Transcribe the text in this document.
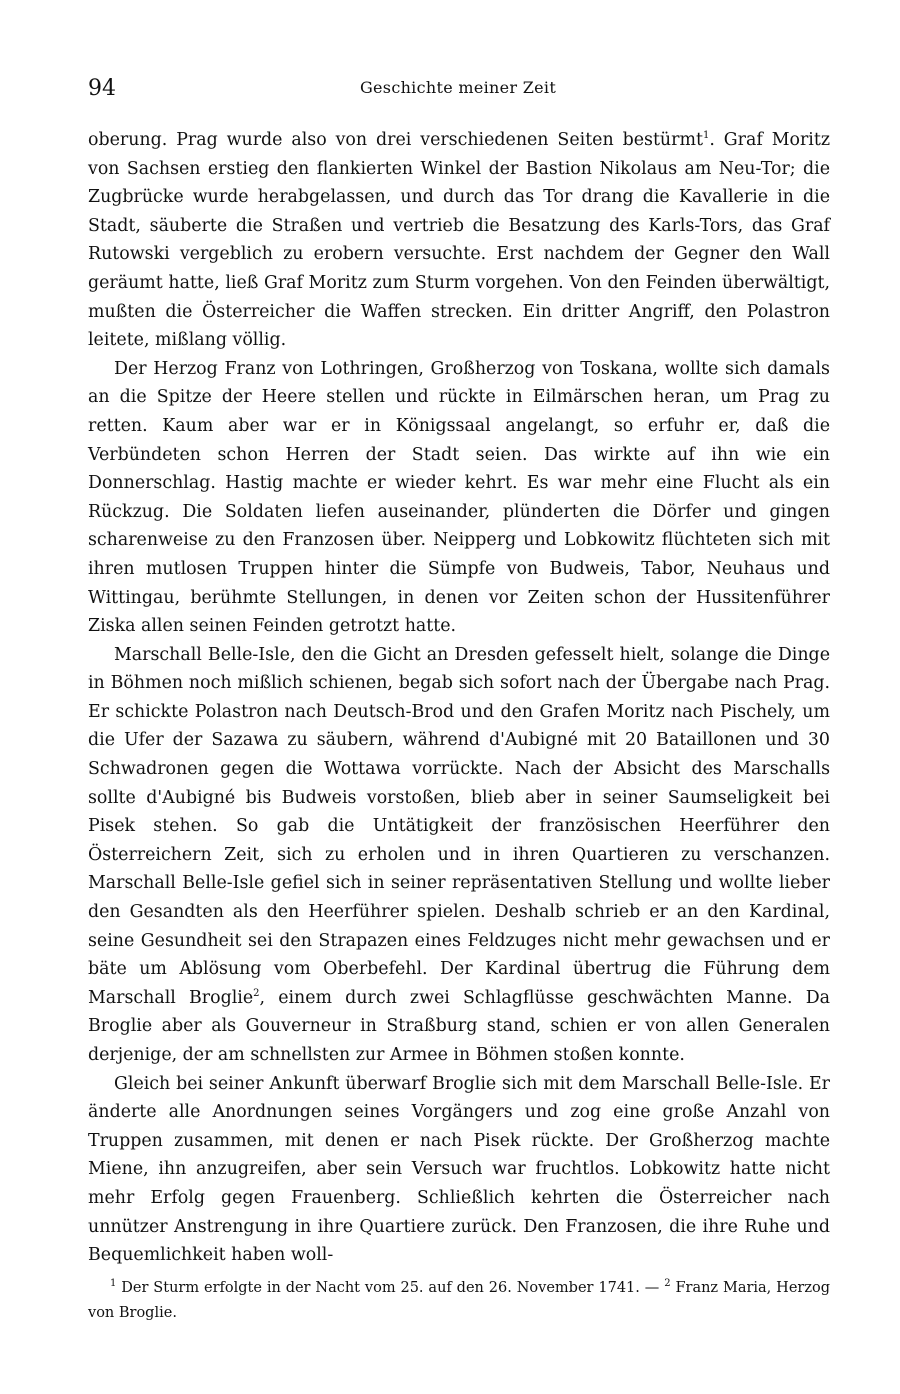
94	Geschichte meiner Zeit

oberung. Prag wurde also von drei verschiedenen Seiten bestürmt$^1$. Graf Moritz von Sachsen erstieg den flankierten Winkel der Bastion Nikolaus am Neu-Tor; die Zugbrücke wurde herabgelassen, und durch das Tor drang die Kavallerie in die Stadt, säuberte die Straßen und vertrieb die Besatzung des Karls-Tors, das Graf Rutowski vergeblich zu erobern versuchte. Erst nachdem der Gegner den Wall geräumt hatte, ließ Graf Moritz zum Sturm vorgehen. Von den Feinden überwältigt, mußten die Österreicher die Waffen strecken. Ein dritter Angriff, den Polastron leitete, mißlang völlig.

Der Herzog Franz von Lothringen, Großherzog von Toskana, wollte sich damals an die Spitze der Heere stellen und rückte in Eilmärschen heran, um Prag zu retten. Kaum aber war er in Königssaal angelangt, so erfuhr er, daß die Verbündeten schon Herren der Stadt seien. Das wirkte auf ihn wie ein Donnerschlag. Hastig machte er wieder kehrt. Es war mehr eine Flucht als ein Rückzug. Die Soldaten liefen auseinander, plünderten die Dörfer und gingen scharenweise zu den Franzosen über. Neipperg und Lobkowitz flüchteten sich mit ihren mutlosen Truppen hinter die Sümpfe von Budweis, Tabor, Neuhaus und Wittingau, berühmte Stellungen, in denen vor Zeiten schon der Hussitenführer Ziska allen seinen Feinden getrotzt hatte.

Marschall Belle-Isle, den die Gicht an Dresden gefesselt hielt, solange die Dinge in Böhmen noch mißlich schienen, begab sich sofort nach der Übergabe nach Prag. Er schickte Polastron nach Deutsch-Brod und den Grafen Moritz nach Pischely, um die Ufer der Sazawa zu säubern, während d'Aubigné mit 20 Bataillonen und 30 Schwadronen gegen die Wottawa vorrückte. Nach der Absicht des Marschalls sollte d'Aubigné bis Budweis vorstoßen, blieb aber in seiner Saumseligkeit bei Pisek stehen. So gab die Untätigkeit der französischen Heerführer den Österreichern Zeit, sich zu erholen und in ihren Quartieren zu verschanzen. Marschall Belle-Isle gefiel sich in seiner repräsentativen Stellung und wollte lieber den Gesandten als den Heerführer spielen. Deshalb schrieb er an den Kardinal, seine Gesundheit sei den Strapazen eines Feldzuges nicht mehr gewachsen und er bäte um Ablösung vom Oberbefehl. Der Kardinal übertrug die Führung dem Marschall Broglie$^2$, einem durch zwei Schlagflüsse geschwächten Manne. Da Broglie aber als Gouverneur in Straßburg stand, schien er von allen Generalen derjenige, der am schnellsten zur Armee in Böhmen stoßen konnte.

Gleich bei seiner Ankunft überwarf Broglie sich mit dem Marschall Belle-Isle. Er änderte alle Anordnungen seines Vorgängers und zog eine große Anzahl von Truppen zusammen, mit denen er nach Pisek rückte. Der Großherzog machte Miene, ihn anzugreifen, aber sein Versuch war fruchtlos. Lobkowitz hatte nicht mehr Erfolg gegen Frauenberg. Schließlich kehrten die Österreicher nach unnützer Anstrengung in ihre Quartiere zurück. Den Franzosen, die ihre Ruhe und Bequemlichkeit haben woll-

$^1$ Der Sturm erfolgte in der Nacht vom 25. auf den 26. November 1741. — $^2$ Franz Maria, Herzog von Broglie.
